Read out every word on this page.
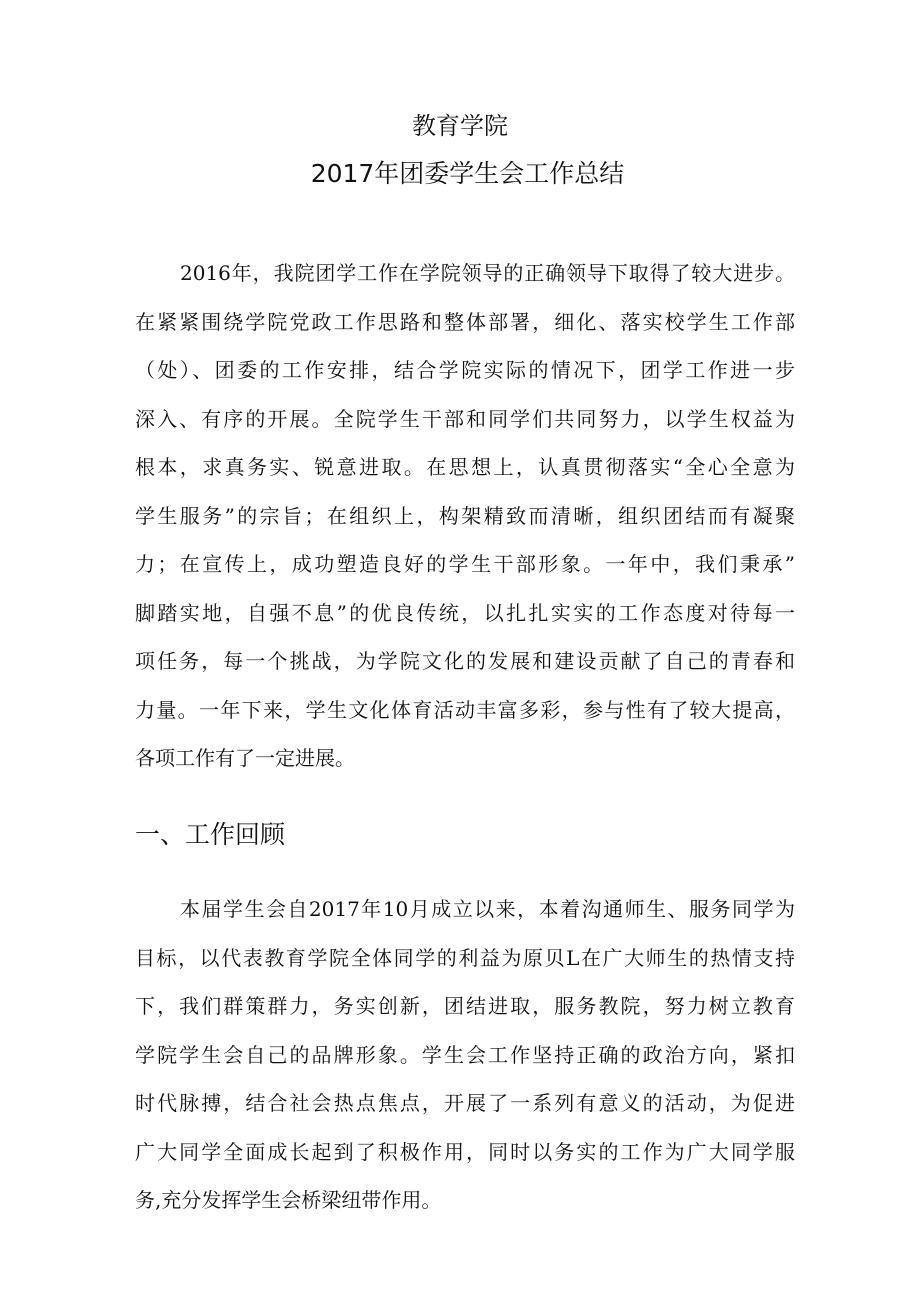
教育学院
2017年团委学生会工作总结
2016年，我院团学工作在学院领导的正确领导下取得了较大进步。
在紧紧围绕学院党政工作思路和整体部署，细化、落实校学生工作部
（处）、团委的工作安排，结合学院实际的情况下，团学工作进一步
深入、有序的开展。全院学生干部和同学们共同努力，以学生权益为
根本，求真务实、锐意进取。在思想上，认真贯彻落实“全心全意为
学生服务”的宗旨；在组织上，构架精致而清晰，组织团结而有凝聚
力；在宣传上，成功塑造良好的学生干部形象。一年中，我们秉承”
脚踏实地，自强不息”的优良传统，以扎扎实实的工作态度对待每一
项任务，每一个挑战，为学院文化的发展和建设贡献了自己的青春和
力量。一年下来，学生文化体育活动丰富多彩，参与性有了较大提高，
各项工作有了一定进展。
一、工作回顾
本届学生会自2017年10月成立以来，本着沟通师生、服务同学为
目标，以代表教育学院全体同学的利益为原贝L在广大师生的热情支持
下，我们群策群力，务实创新，团结进取，服务教院，努力树立教育
学院学生会自己的品牌形象。学生会工作坚持正确的政治方向，紧扣
时代脉搏，结合社会热点焦点，开展了一系列有意义的活动，为促进
广大同学全面成长起到了积极作用，同时以务实的工作为广大同学服
务,充分发挥学生会桥梁纽带作用。
